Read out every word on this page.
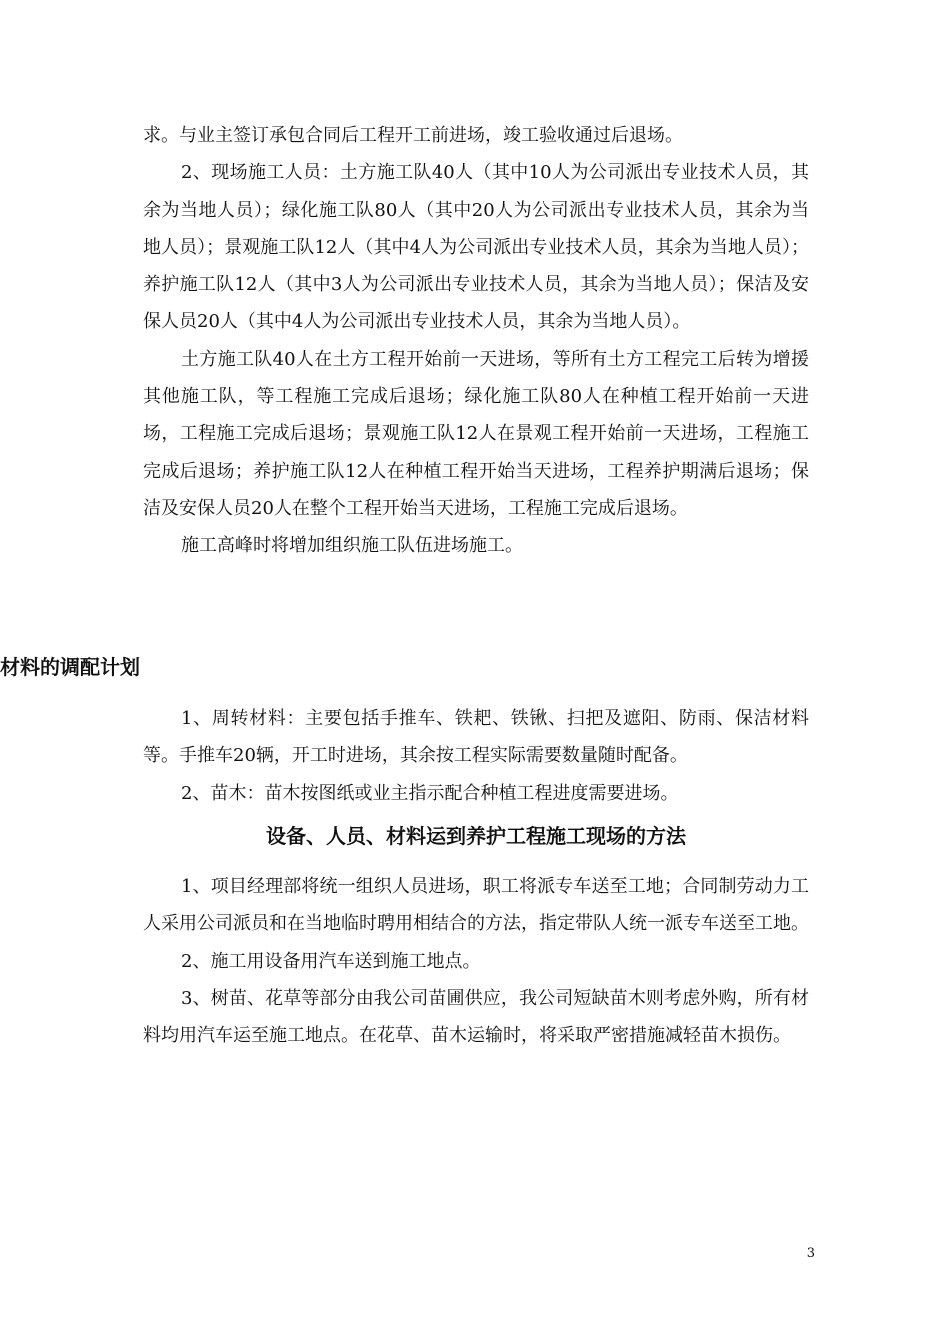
求。与业主签订承包合同后工程开工前进场，竣工验收通过后退场。

2、现场施工人员：土方施工队40人（其中10人为公司派出专业技术人员，其余为当地人员）；绿化施工队80人（其中20人为公司派出专业技术人员，其余为当地人员）；景观施工队12人（其中4人为公司派出专业技术人员，其余为当地人员）；养护施工队12人（其中3人为公司派出专业技术人员，其余为当地人员）；保洁及安保人员20人（其中4人为公司派出专业技术人员，其余为当地人员）。

土方施工队40人在土方工程开始前一天进场，等所有土方工程完工后转为增援其他施工队，等工程施工完成后退场；绿化施工队80人在种植工程开始前一天进场，工程施工完成后退场；景观施工队12人在景观工程开始前一天进场，工程施工完成后退场；养护施工队12人在种植工程开始当天进场，工程养护期满后退场；保洁及安保人员20人在整个工程开始当天进场，工程施工完成后退场。

施工高峰时将增加组织施工队伍进场施工。

材料的调配计划

1、周转材料：主要包括手推车、铁耙、铁锹、扫把及遮阳、防雨、保洁材料等。手推车20辆，开工时进场，其余按工程实际需要数量随时配备。

2、苗木：苗木按图纸或业主指示配合种植工程进度需要进场。

设备、人员、材料运到养护工程施工现场的方法

1、项目经理部将统一组织人员进场，职工将派专车送至工地；合同制劳动力工人采用公司派员和在当地临时聘用相结合的方法，指定带队人统一派专车送至工地。

2、施工用设备用汽车送到施工地点。

3、树苗、花草等部分由我公司苗圃供应，我公司短缺苗木则考虑外购，所有材料均用汽车运至施工地点。在花草、苗木运输时，将采取严密措施减轻苗木损伤。

3
